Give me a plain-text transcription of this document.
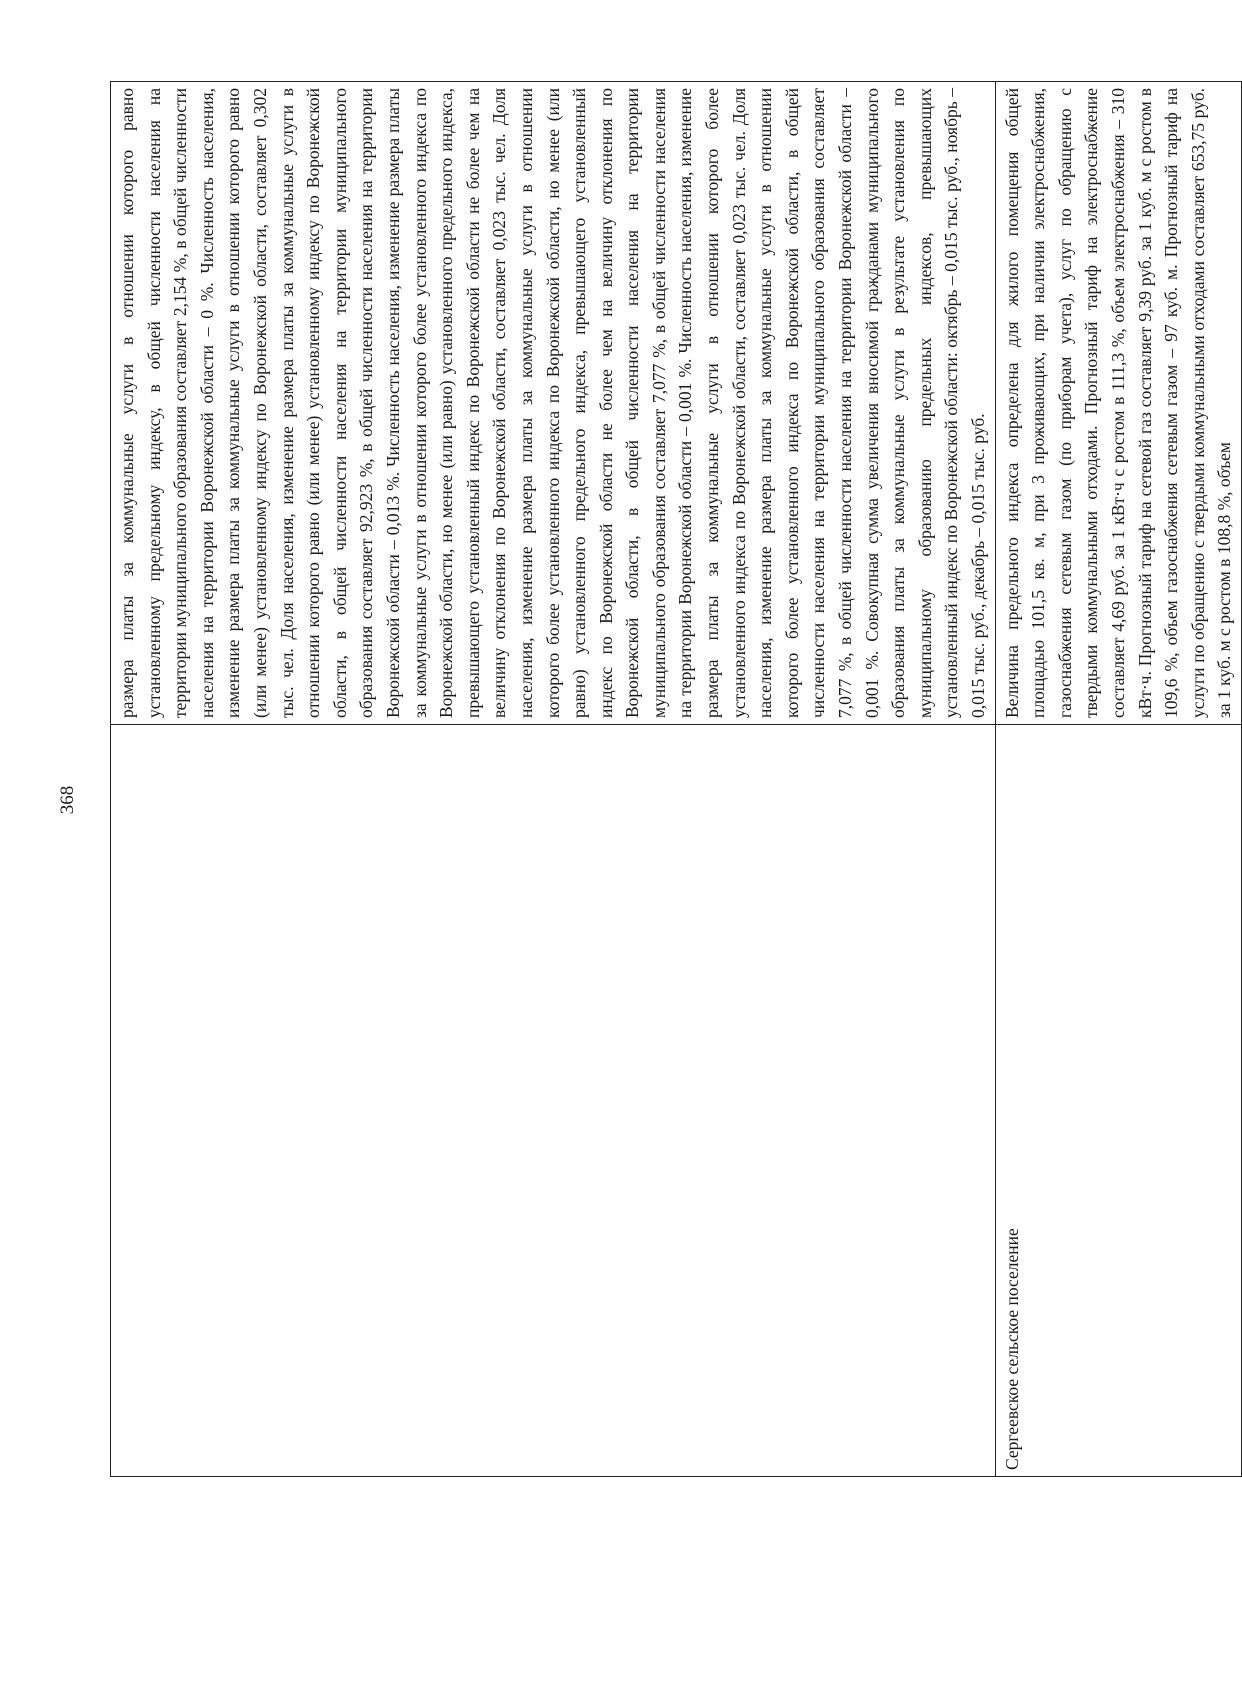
368

	размера платы за коммунальные услуги в отношении которого равно установленному предельному индексу, в общей численности населения на территории муниципального образования составляет 2,154 %, в общей численности населения на территории Воронежской области – 0 %. Численность населения, изменение размера платы за коммунальные услуги в отношении которого равно (или менее) установленному индексу по Воронежской области, составляет 0,302 тыс. чел. Доля населения, изменение размера платы за коммунальные услуги в отношении которого равно (или менее) установленному индексу по Воронежской области, в общей численности населения на территории муниципального образования составляет 92,923 %, в общей численности населения на территории Воронежской области – 0,013 %. Численность населения, изменение размера платы за коммунальные услуги в отношении которого более установленного индекса по Воронежской области, но менее (или равно) установленного предельного индекса, превышающего установленный индекс по Воронежской области не более чем на величину отклонения по Воронежской области, составляет 0,023 тыс. чел. Доля населения, изменение размера платы за коммунальные услуги в отношении которого более установленного индекса по Воронежской области, но менее (или равно) установленного предельного индекса, превышающего установленный индекс по Воронежской области не более чем на величину отклонения по Воронежской области, в общей численности населения на территории муниципального образования составляет 7,077 %, в общей численности населения на территории Воронежской области – 0,001 %. Численность населения, изменение размера платы за коммунальные услуги в отношении которого более установленного индекса по Воронежской области, составляет 0,023 тыс. чел. Доля населения, изменение размера платы за коммунальные услуги в отношении которого более установленного индекса по Воронежской области, в общей численности населения на территории муниципального образования составляет 7,077 %, в общей численности населения на территории Воронежской области – 0,001 %. Совокупная сумма увеличения вносимой гражданами муниципального образования платы за коммунальные услуги в результате установления по муниципальному образованию предельных индексов, превышающих установленный индекс по Воронежской области: октябрь – 0,015 тыс. руб., ноябрь – 0,015 тыс. руб., декабрь – 0,015 тыс. руб.

Сергеевское сельское поселение	Величина предельного индекса определена для жилого помещения общей площадью 101,5 кв. м, при 3 проживающих, при наличии электроснабжения, газоснабжения сетевым газом (по приборам учета), услуг по обращению с твердыми коммунальными отходами. Прогнозный тариф на электроснабжение составляет 4,69 руб. за 1 кВт·ч с ростом в 111,3 %, объем электроснабжения – 310 кВт·ч. Прогнозный тариф на сетевой газ составляет 9,39 руб. за 1 куб. м с ростом в 109,6 %, объем газоснабжения сетевым газом – 97 куб. м. Прогнозный тариф на услуги по обращению с твердыми коммунальными отходами составляет 653,75 руб. за 1 куб. м с ростом в 108,8 %, объем
